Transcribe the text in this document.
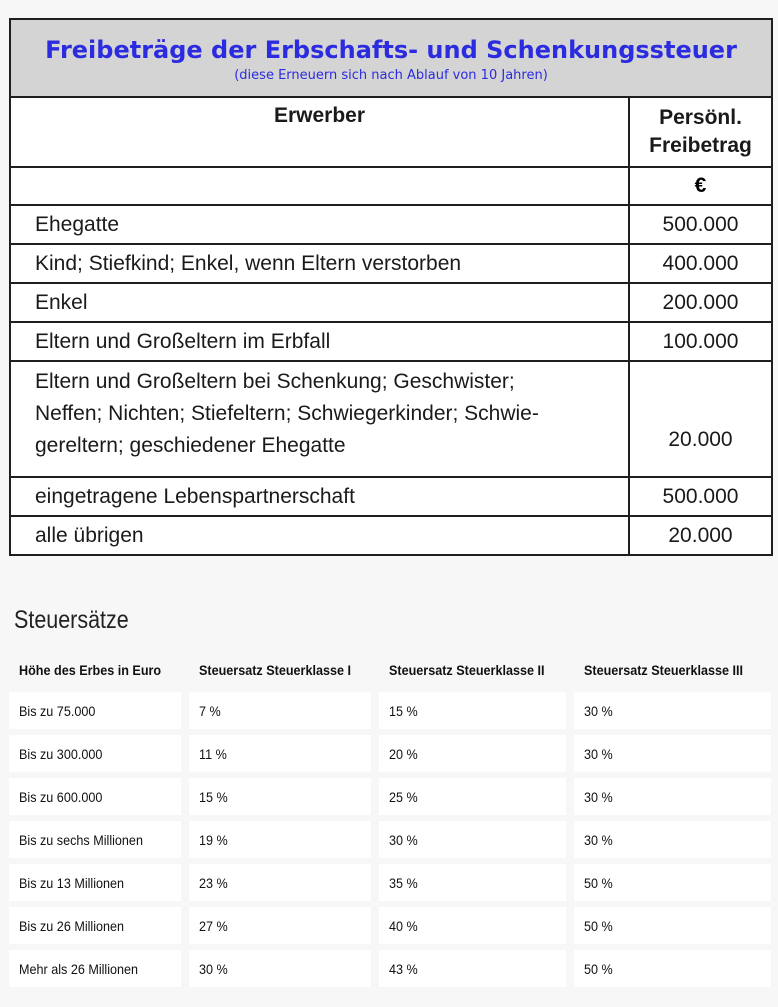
Freibeträge der Erbschafts- und Schenkungssteuer
(diese Erneuern sich nach Ablauf von 10 Jahren)	

Erwerber	Persönl.
Freibetrag
	€
Ehegatte	500.000
Kind; Stiefkind; Enkel, wenn Eltern verstorben	400.000
Enkel	200.000
Eltern und Großeltern im Erbfall	100.000
Eltern und Großeltern bei Schenkung; Geschwister;
Neffen; Nichten; Stiefeltern; Schwiegerkinder; Schwie-
gereltern; geschiedener Ehegatte	20.000
eingetragene Lebenspartnerschaft	500.000
alle übrigen	20.000
Steuersätze
Höhe des Erbes in Euro	Steuersatz Steuerklasse I	Steuersatz Steuerklasse II	Steuersatz Steuerklasse III
Bis zu 75.000	7 %	15 %	30 %
Bis zu 300.000	11 %	20 %	30 %
Bis zu 600.000	15 %	25 %	30 %
Bis zu sechs Millionen	19 %	30 %	30 %
Bis zu 13 Millionen	23 %	35 %	50 %
Bis zu 26 Millionen	27 %	40 %	50 %
Mehr als 26 Millionen	30 %	43 %	50 %
